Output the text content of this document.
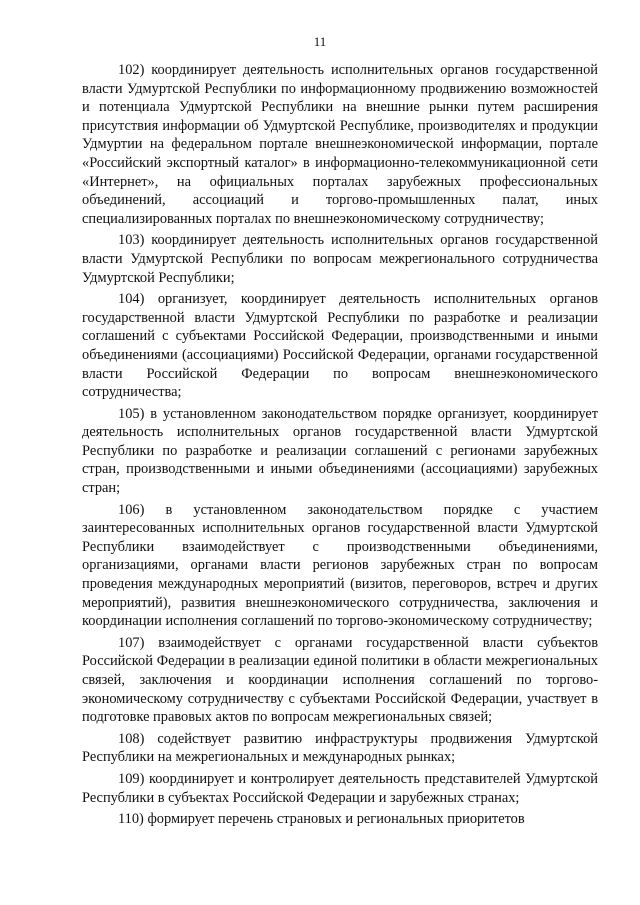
11

102) координирует деятельность исполнительных органов государственной власти Удмуртской Республики по информационному продвижению возможностей и потенциала Удмуртской Республики на внешние рынки путем расширения присутствия информации об Удмуртской Республике, производителях и продукции Удмуртии на федеральном портале внешнеэкономической информации, портале «Российский экспортный каталог» в информационно-телекоммуникационной сети «Интернет», на официальных порталах зарубежных профессиональных объединений, ассоциаций и торгово-промышленных палат, иных специализированных порталах по внешнеэкономическому сотрудничеству;

103) координирует деятельность исполнительных органов государственной власти Удмуртской Республики по вопросам межрегионального сотрудничества Удмуртской Республики;

104) организует, координирует деятельность исполнительных органов государственной власти Удмуртской Республики по разработке и реализации соглашений с субъектами Российской Федерации, производственными и иными объединениями (ассоциациями) Российской Федерации, органами государственной власти Российской Федерации по вопросам внешнеэкономического сотрудничества;

105) в установленном законодательством порядке организует, координирует деятельность исполнительных органов государственной власти Удмуртской Республики по разработке и реализации соглашений с регионами зарубежных стран, производственными и иными объединениями (ассоциациями) зарубежных стран;

106) в установленном законодательством порядке с участием заинтересованных исполнительных органов государственной власти Удмуртской Республики взаимодействует с производственными объединениями, организациями, органами власти регионов зарубежных стран по вопросам проведения международных мероприятий (визитов, переговоров, встреч и других мероприятий), развития внешнеэкономического сотрудничества, заключения и координации исполнения соглашений по торгово-экономическому сотрудничеству;

107) взаимодействует с органами государственной власти субъектов Российской Федерации в реализации единой политики в области межрегиональных связей, заключения и координации исполнения соглашений по торгово-экономическому сотрудничеству с субъектами Российской Федерации, участвует в подготовке правовых актов по вопросам межрегиональных связей;

108) содействует развитию инфраструктуры продвижения Удмуртской Республики на межрегиональных и международных рынках;

109) координирует и контролирует деятельность представителей Удмуртской Республики в субъектах Российской Федерации и зарубежных странах;

110) формирует перечень страновых и региональных приоритетов
